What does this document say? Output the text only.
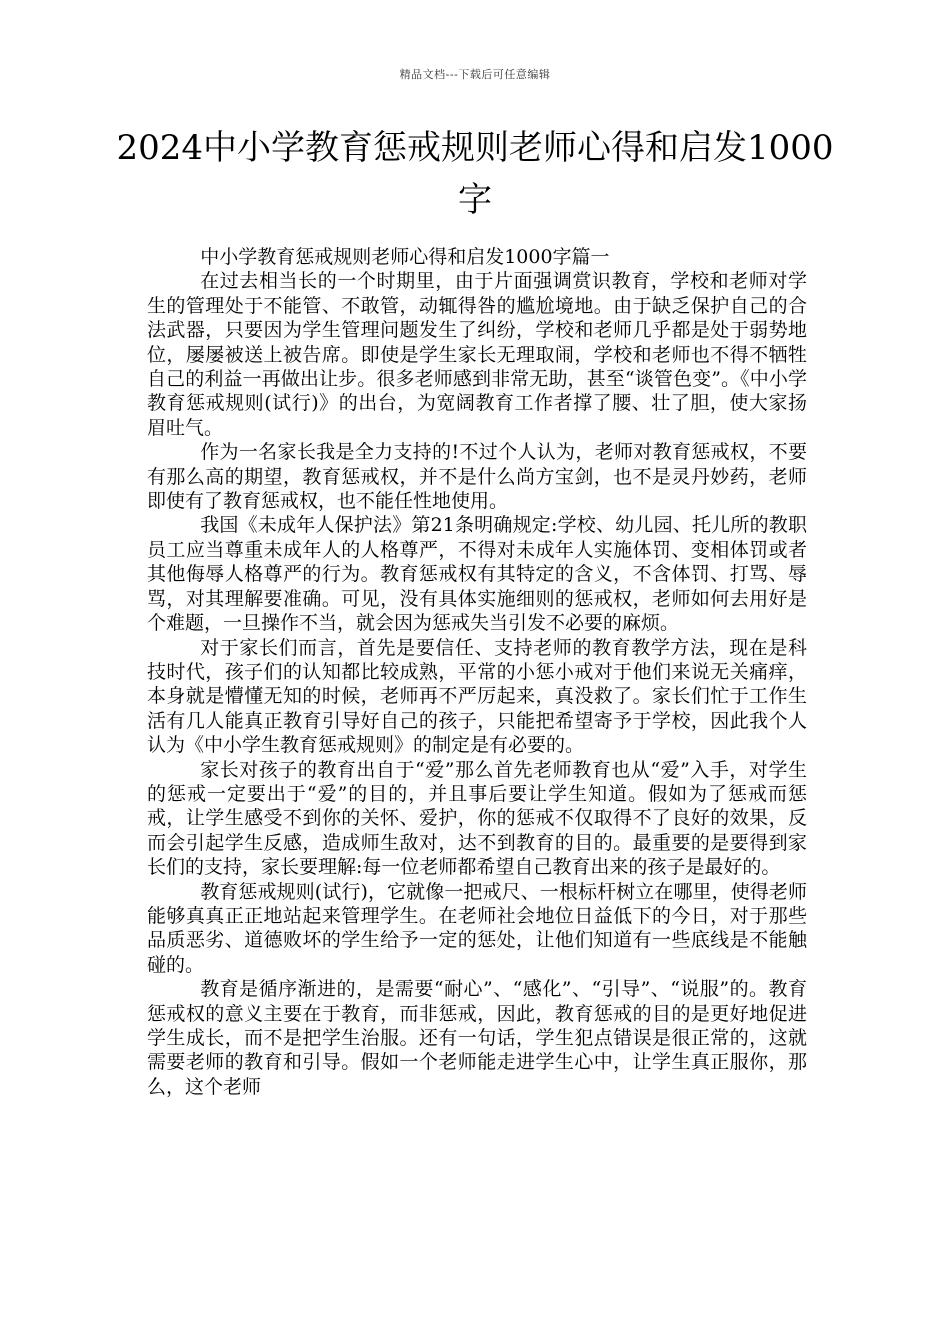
精品文档---下载后可任意编辑
2024中小学教育惩戒规则老师心得和启发1000字

中小学教育惩戒规则老师心得和启发1000字篇一

在过去相当长的一个时期里，由于片面强调赏识教育，学校和老师对学生的管理处于不能管、不敢管，动辄得咎的尴尬境地。由于缺乏保护自己的合法武器，只要因为学生管理问题发生了纠纷，学校和老师几乎都是处于弱势地位，屡屡被送上被告席。即使是学生家长无理取闹，学校和老师也不得不牺牲自己的利益一再做出让步。很多老师感到非常无助，甚至“谈管色变”。《中小学教育惩戒规则(试行)》的出台，为宽阔教育工作者撑了腰、壮了胆，使大家扬眉吐气。

作为一名家长我是全力支持的!不过个人认为，老师对教育惩戒权，不要有那么高的期望，教育惩戒权，并不是什么尚方宝剑，也不是灵丹妙药，老师即使有了教育惩戒权，也不能任性地使用。

我国《未成年人保护法》第21条明确规定:学校、幼儿园、托儿所的教职员工应当尊重未成年人的人格尊严，不得对未成年人实施体罚、变相体罚或者其他侮辱人格尊严的行为。教育惩戒权有其特定的含义，不含体罚、打骂、辱骂，对其理解要准确。可见，没有具体实施细则的惩戒权，老师如何去用好是个难题，一旦操作不当，就会因为惩戒失当引发不必要的麻烦。

对于家长们而言，首先是要信任、支持老师的教育教学方法，现在是科技时代，孩子们的认知都比较成熟，平常的小惩小戒对于他们来说无关痛痒，本身就是懵懂无知的时候，老师再不严厉起来，真没救了。家长们忙于工作生活有几人能真正教育引导好自己的孩子，只能把希望寄予于学校，因此我个人认为《中小学生教育惩戒规则》的制定是有必要的。

家长对孩子的教育出自于“爱”那么首先老师教育也从“爱”入手，对学生的惩戒一定要出于“爱”的目的，并且事后要让学生知道。假如为了惩戒而惩戒，让学生感受不到你的关怀、爱护，你的惩戒不仅取得不了良好的效果，反而会引起学生反感，造成师生敌对，达不到教育的目的。最重要的是要得到家长们的支持，家长要理解:每一位老师都希望自己教育出来的孩子是最好的。

教育惩戒规则(试行)，它就像一把戒尺、一根标杆树立在哪里，使得老师能够真真正正地站起来管理学生。在老师社会地位日益低下的今日，对于那些品质恶劣、道德败坏的学生给予一定的惩处，让他们知道有一些底线是不能触碰的。

教育是循序渐进的，是需要“耐心”、“感化”、“引导”、“说服”的。教育惩戒权的意义主要在于教育，而非惩戒，因此，教育惩戒的目的是更好地促进学生成长，而不是把学生治服。还有一句话，学生犯点错误是很正常的，这就需要老师的教育和引导。假如一个老师能走进学生心中，让学生真正服你，那么，这个老师
